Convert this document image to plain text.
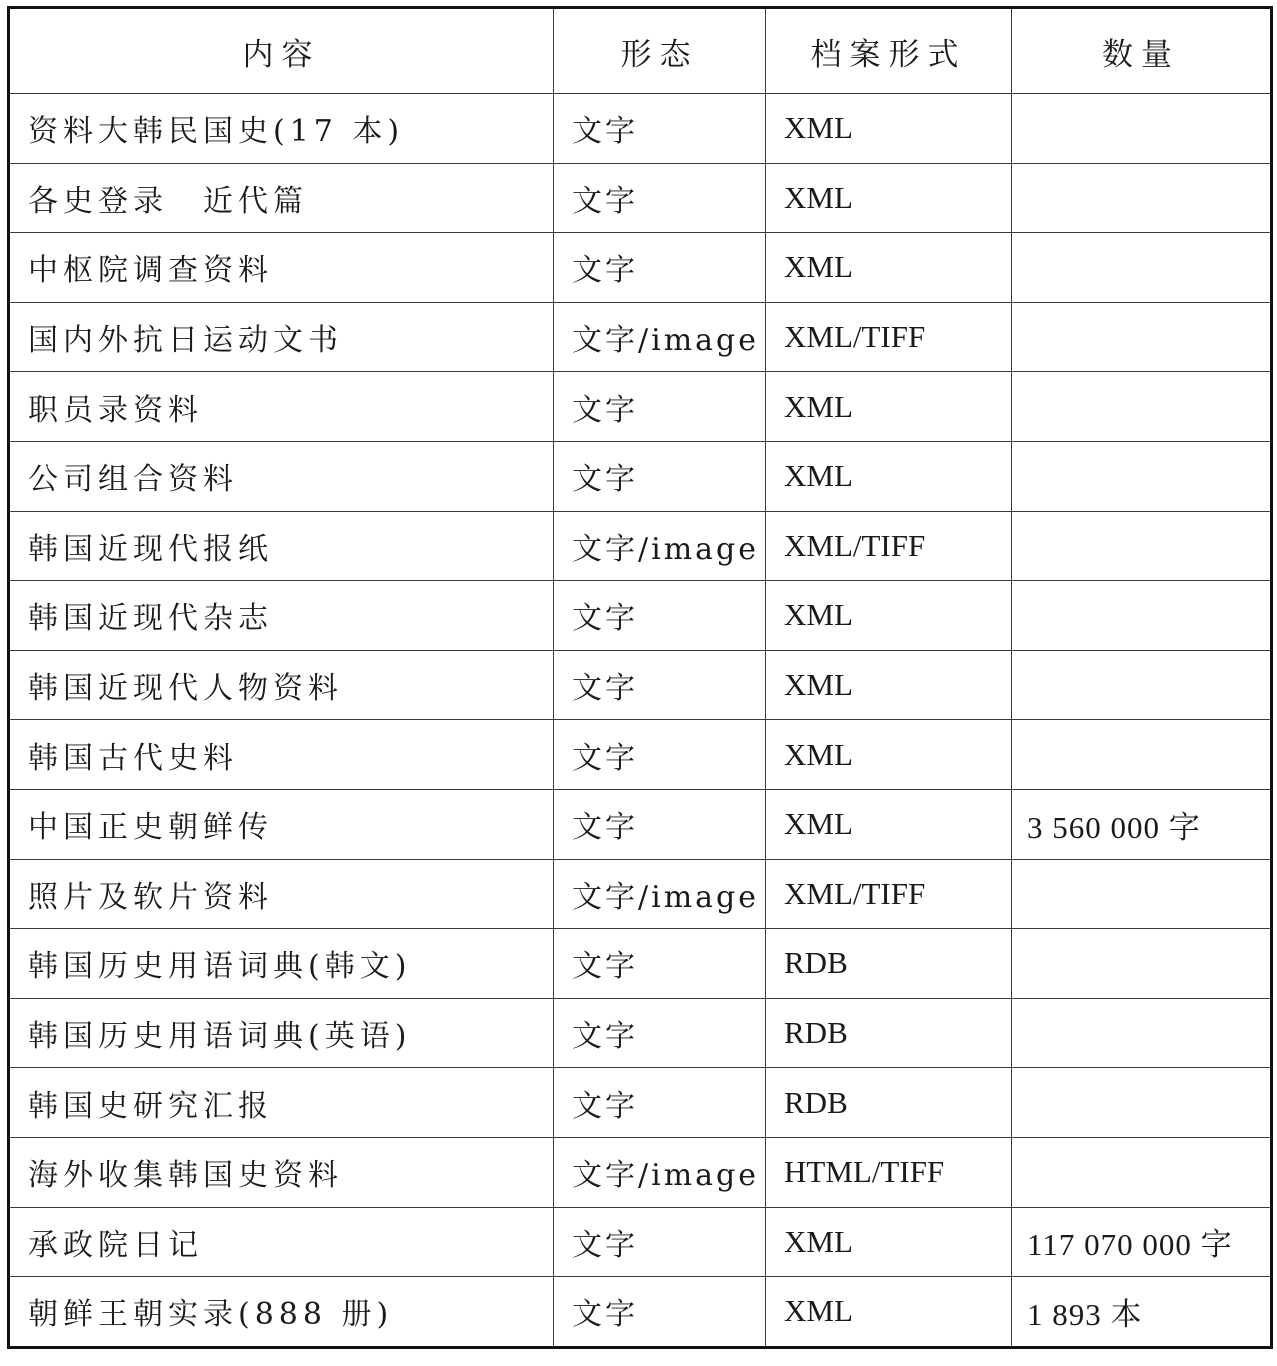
内容	形态	档案形式	数量
资料大韩民国史(17 本)	文字	XML	
各史登录　近代篇	文字	XML	
中枢院调查资料	文字	XML	
国内外抗日运动文书	文字/image	XML/TIFF	
职员录资料	文字	XML	
公司组合资料	文字	XML	
韩国近现代报纸	文字/image	XML/TIFF	
韩国近现代杂志	文字	XML	
韩国近现代人物资料	文字	XML	
韩国古代史料	文字	XML	
中国正史朝鲜传	文字	XML	3 560 000 字
照片及软片资料	文字/image	XML/TIFF	
韩国历史用语词典(韩文)	文字	RDB	
韩国历史用语词典(英语)	文字	RDB	
韩国史研究汇报	文字	RDB	
海外收集韩国史资料	文字/image	HTML/TIFF	
承政院日记	文字	XML	117 070 000 字
朝鲜王朝实录(888 册)	文字	XML	1 893 本
